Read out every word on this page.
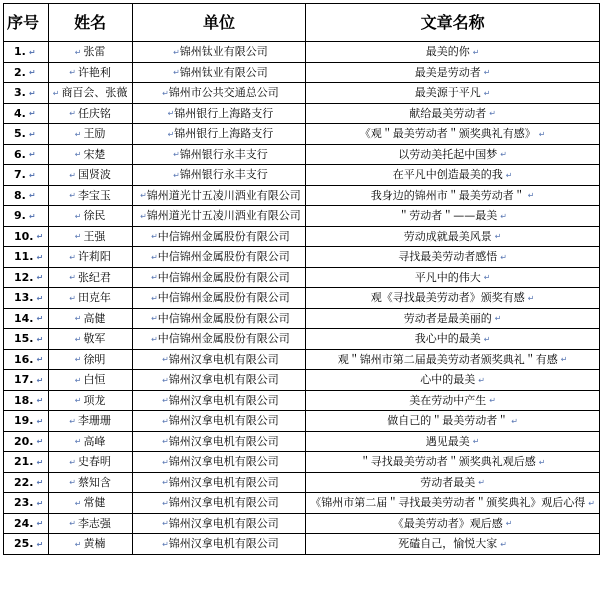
序号	姓名	单位	文章名称
1. ↵	↵ 张雷	↵锦州钛业有限公司	最美的你 ↵
2. ↵	↵ 许艳利	↵锦州钛业有限公司	最美是劳动者 ↵
3. ↵	↵ 商百会、张薇	↵锦州市公共交通总公司	最美源于平凡 ↵
4. ↵	↵ 任庆铭	↵锦州银行上海路支行	献给最美劳动者 ↵
5. ↵	↵ 王励	↵锦州银行上海路支行	《观＂最美劳动者＂颁奖典礼有感》 ↵
6. ↵	↵ 宋楚	↵锦州银行永丰支行	以劳动美托起中国梦 ↵
7. ↵	↵ 国贤波	↵锦州银行永丰支行	在平凡中创造最美的我 ↵
8. ↵	↵ 李宝玉	↵锦州道光廿五凌川酒业有限公司	我身边的锦州市＂最美劳动者＂ ↵
9. ↵	↵ 徐民	↵锦州道光廿五凌川酒业有限公司	＂劳动者＂——最美 ↵
10. ↵	↵ 王强	↵中信锦州金属股份有限公司	劳动成就最美风景 ↵
11. ↵	↵ 许莉阳	↵中信锦州金属股份有限公司	寻找最美劳动者感悟 ↵
12. ↵	↵ 张纪君	↵中信锦州金属股份有限公司	平凡中的伟大 ↵
13. ↵	↵ 田克年	↵中信锦州金属股份有限公司	观《寻找最美劳动者》颁奖有感 ↵
14. ↵	↵ 高健	↵中信锦州金属股份有限公司	劳动者是最美丽的 ↵
15. ↵	↵ 敬军	↵中信锦州金属股份有限公司	我心中的最美 ↵
16. ↵	↵ 徐明	↵锦州汉拿电机有限公司	观＂锦州市第二届最美劳动者颁奖典礼＂有感 ↵
17. ↵	↵ 白恒	↵锦州汉拿电机有限公司	心中的最美 ↵
18. ↵	↵ 项龙	↵锦州汉拿电机有限公司	美在劳动中产生 ↵
19. ↵	↵ 李珊珊	↵锦州汉拿电机有限公司	做自己的＂最美劳动者＂ ↵
20. ↵	↵ 高峰	↵锦州汉拿电机有限公司	遇见最美 ↵
21. ↵	↵ 史春明	↵锦州汉拿电机有限公司	＂寻找最美劳动者＂颁奖典礼观后感 ↵
22. ↵	↵ 蔡知含	↵锦州汉拿电机有限公司	劳动者最美 ↵
23. ↵	↵ 常健	↵锦州汉拿电机有限公司	《锦州市第二届＂寻找最美劳动者＂颁奖典礼》观后心得 ↵
24. ↵	↵ 李志强	↵锦州汉拿电机有限公司	《最美劳动者》观后感 ↵
25. ↵	↵ 黄楠	↵锦州汉拿电机有限公司	死磕自己，愉悦大家 ↵
